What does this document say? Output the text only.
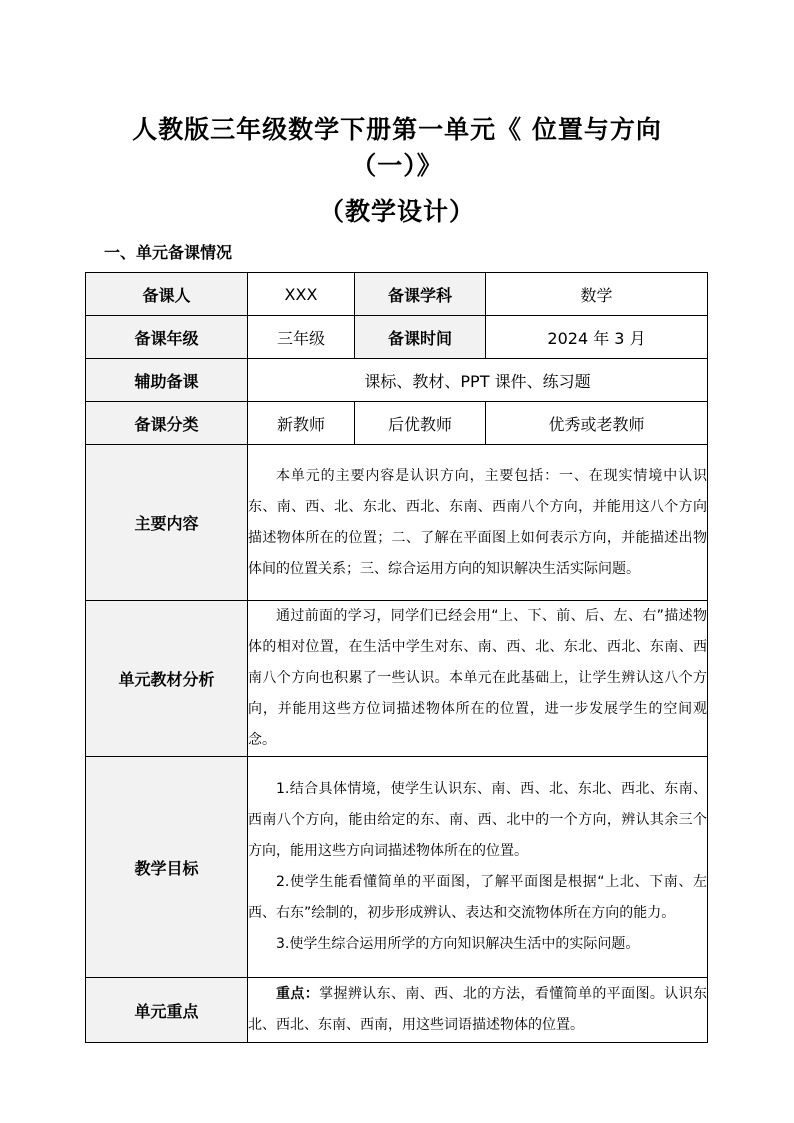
人教版三年级数学下册第一单元《 位置与方向
（一）》
（教学设计）
一、单元备课情况
备课人	XXX	备课学科	数学
备课年级	三年级	备课时间	2024 年 3 月
辅助备课	课标、教材、PPT 课件、练习题		
备课分类	新教师	后优教师	优秀或老教师
主要内容	本单元的主要内容是认识方向，主要包括：一、在现实情境中认识东、南、西、北、东北、西北、东南、西南八个方向，并能用这八个方向描述物体所在的位置；二、了解在平面图上如何表示方向，并能描述出物体间的位置关系；三、综合运用方向的知识解决生活实际问题。		

单元教材分析	通过前面的学习，同学们已经会用“上、下、前、后、左、右”描述物体的相对位置，在生活中学生对东、南、西、北、东北、西北、东南、西南八个方向也积累了一些认识。本单元在此基础上，让学生辨认这八个方向，并能用这些方位词描述物体所在的位置，进一步发展学生的空间观念。		

教学目标	1.结合具体情境，使学生认识东、南、西、北、东北、西北、东南、西南八个方向，能由给定的东、南、西、北中的一个方向，辨认其余三个方向，能用这些方向词描述物体所在的位置。

2.使学生能看懂简单的平面图，了解平面图是根据“上北、下南、左西、右东”绘制的，初步形成辨认、表达和交流物体所在方向的能力。

3.使学生综合运用所学的方向知识解决生活中的实际问题。		

单元重点	重点：掌握辨认东、南、西、北的方法，看懂简单的平面图。认识东北、西北、东南、西南，用这些词语描述物体的位置。		
